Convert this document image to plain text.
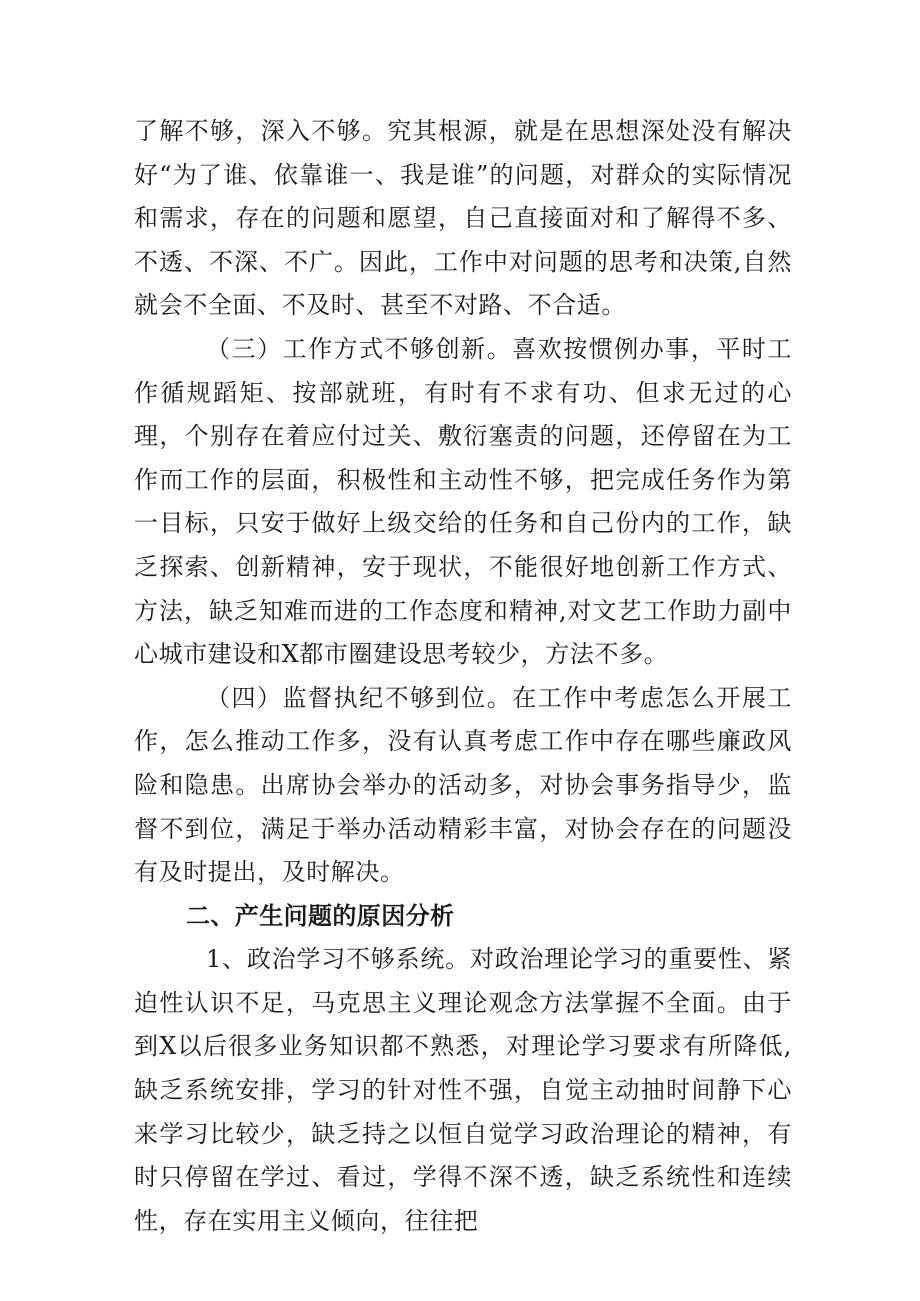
了解不够，深入不够。究其根源，就是在思想深处没有解决好“为了谁、依靠谁一、我是谁”的问题，对群众的实际情况和需求，存在的问题和愿望，自己直接面对和了解得不多、不透、不深、不广。因此，工作中对问题的思考和决策,自然就会不全面、不及时、甚至不对路、不合适。

（三）工作方式不够创新。喜欢按惯例办事，平时工作循规蹈矩、按部就班，有时有不求有功、但求无过的心理，个别存在着应付过关、敷衍塞责的问题，还停留在为工作而工作的层面，积极性和主动性不够，把完成任务作为第一目标，只安于做好上级交给的任务和自己份内的工作，缺乏探索、创新精神，安于现状，不能很好地创新工作方式、方法，缺乏知难而进的工作态度和精神,对文艺工作助力副中心城市建设和X都市圈建设思考较少，方法不多。

（四）监督执纪不够到位。在工作中考虑怎么开展工作，怎么推动工作多，没有认真考虑工作中存在哪些廉政风险和隐患。出席协会举办的活动多，对协会事务指导少，监督不到位，满足于举办活动精彩丰富，对协会存在的问题没有及时提出，及时解决。

二、产生问题的原因分析

1、政治学习不够系统。对政治理论学习的重要性、紧迫性认识不足，马克思主义理论观念方法掌握不全面。由于到X以后很多业务知识都不熟悉，对理论学习要求有所降低,缺乏系统安排，学习的针对性不强，自觉主动抽时间静下心来学习比较少，缺乏持之以恒自觉学习政治理论的精神，有时只停留在学过、看过，学得不深不透，缺乏系统性和连续性，存在实用主义倾向，往往把
